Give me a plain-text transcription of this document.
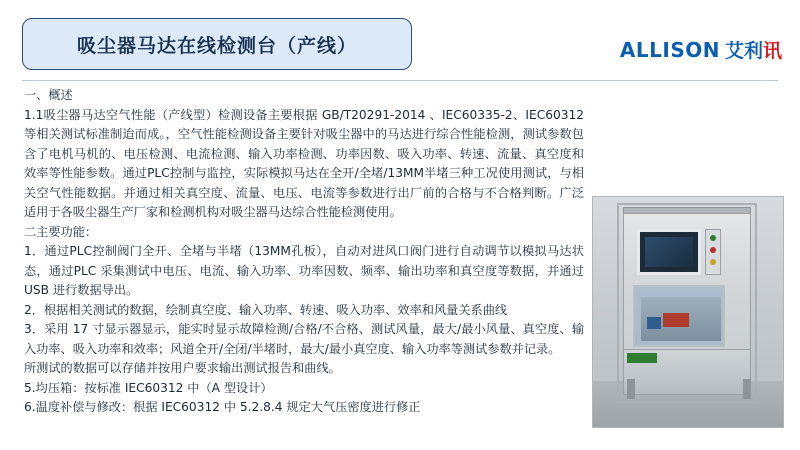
吸尘器马达在线检测台（产线）	ALLISON 艾利讯

一、概述

1.1吸尘器马达空气性能（产线型）检测设备主要根据 GB/T20291-2014 、IEC60335-2、IEC60312 等相关测试标准制迨而成。，空气性能检测设备主要针对吸尘器中的马达进行综合性能检测，测试参数包含了电机马机的、电压检测、电流检测、输入功率检测、功率因数、吸入功率、转速、流量、真空度和效率等性能参数。通过PLC控制与监控，实际模拟马达在全开/全堵/13MM半堵三种工况使用测试，与相关空气性能数据。并通过相关真空度、流量、电压、电流等参数进行出厂前的合格与不合格判断。广泛适用于各吸尘器生产厂家和检测机构对吸尘器马达综合性能检测使用。

二主要功能：

1．通过PLC控制阀门全开、全堵与半堵（13MM孔板），自动对进风口阀门进行自动调节以模拟马达状态，通过PLC 采集测试中电压、电流、输入功率、功率因数、频率、输出功率和真空度等数据，并通过 USB 进行数据导出。

2．根据相关测试的数据，绘制真空度、输入功率、转速、吸入功率、效率和风量关系曲线

3．采用 17 寸显示器显示，能实时显示故障检测/合格/不合格、测试风量，最大/最小风量、真空度、输入功率、吸入功率和效率；风道全开/全闭/半堵时，最大/最小真空度、输入功率等测试参数并记录。

所测试的数据可以存储并按用户要求输出测试报告和曲线。

5.均压箱：按标准 IEC60312 中（A 型设计）

6.温度补偿与修改：根据 IEC60312 中 5.2.8.4 规定大气压密度进行修正
